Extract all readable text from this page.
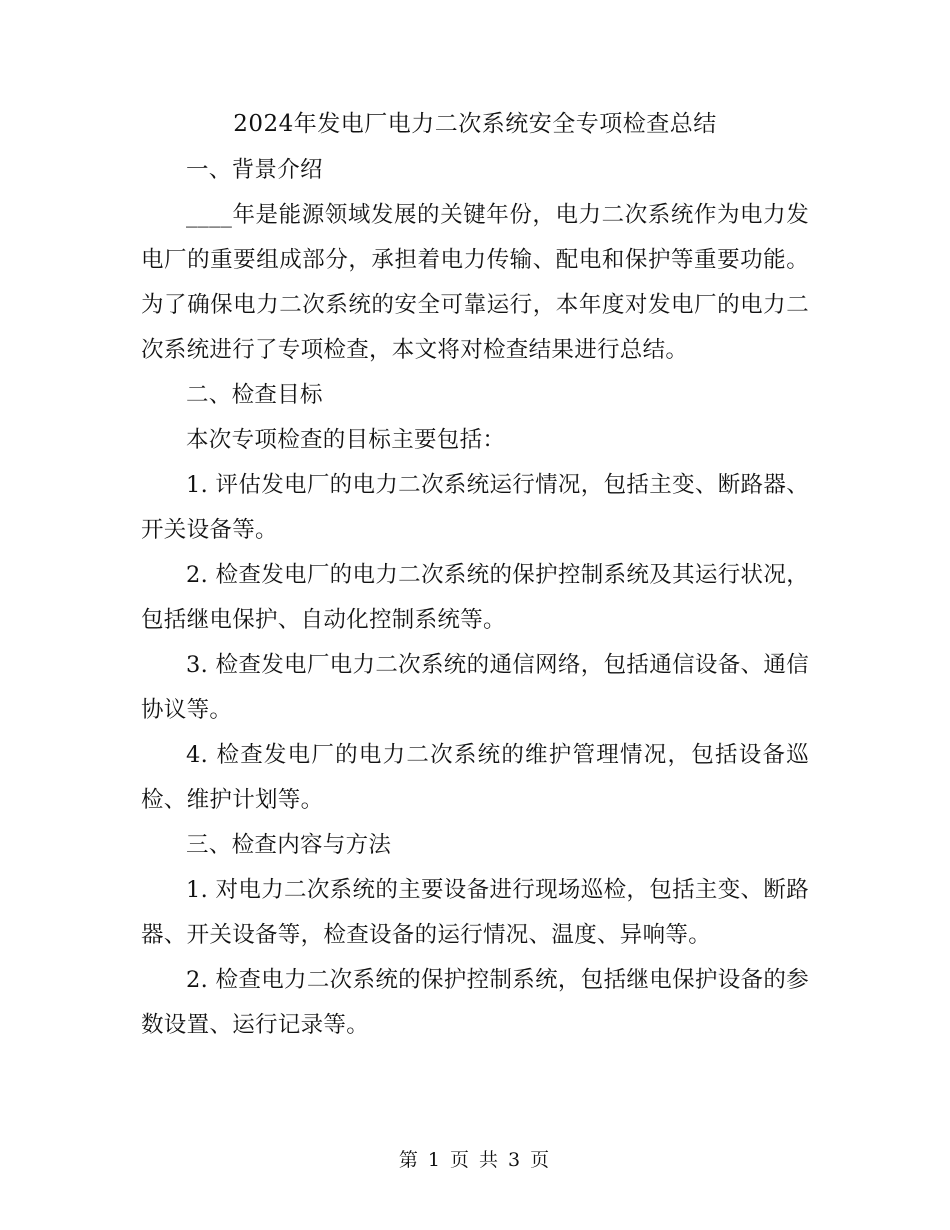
2024年发电厂电力二次系统安全专项检查总结

一、背景介绍

____年是能源领域发展的关键年份，电力二次系统作为电力发电厂的重要组成部分，承担着电力传输、配电和保护等重要功能。为了确保电力二次系统的安全可靠运行，本年度对发电厂的电力二次系统进行了专项检查，本文将对检查结果进行总结。

二、检查目标

本次专项检查的目标主要包括：

1. 评估发电厂的电力二次系统运行情况，包括主变、断路器、开关设备等。

2. 检查发电厂的电力二次系统的保护控制系统及其运行状况，包括继电保护、自动化控制系统等。

3. 检查发电厂电力二次系统的通信网络，包括通信设备、通信协议等。

4. 检查发电厂的电力二次系统的维护管理情况，包括设备巡检、维护计划等。

三、检查内容与方法

1. 对电力二次系统的主要设备进行现场巡检，包括主变、断路器、开关设备等，检查设备的运行情况、温度、异响等。

2. 检查电力二次系统的保护控制系统，包括继电保护设备的参数设置、运行记录等。

第 1 页 共 3 页
